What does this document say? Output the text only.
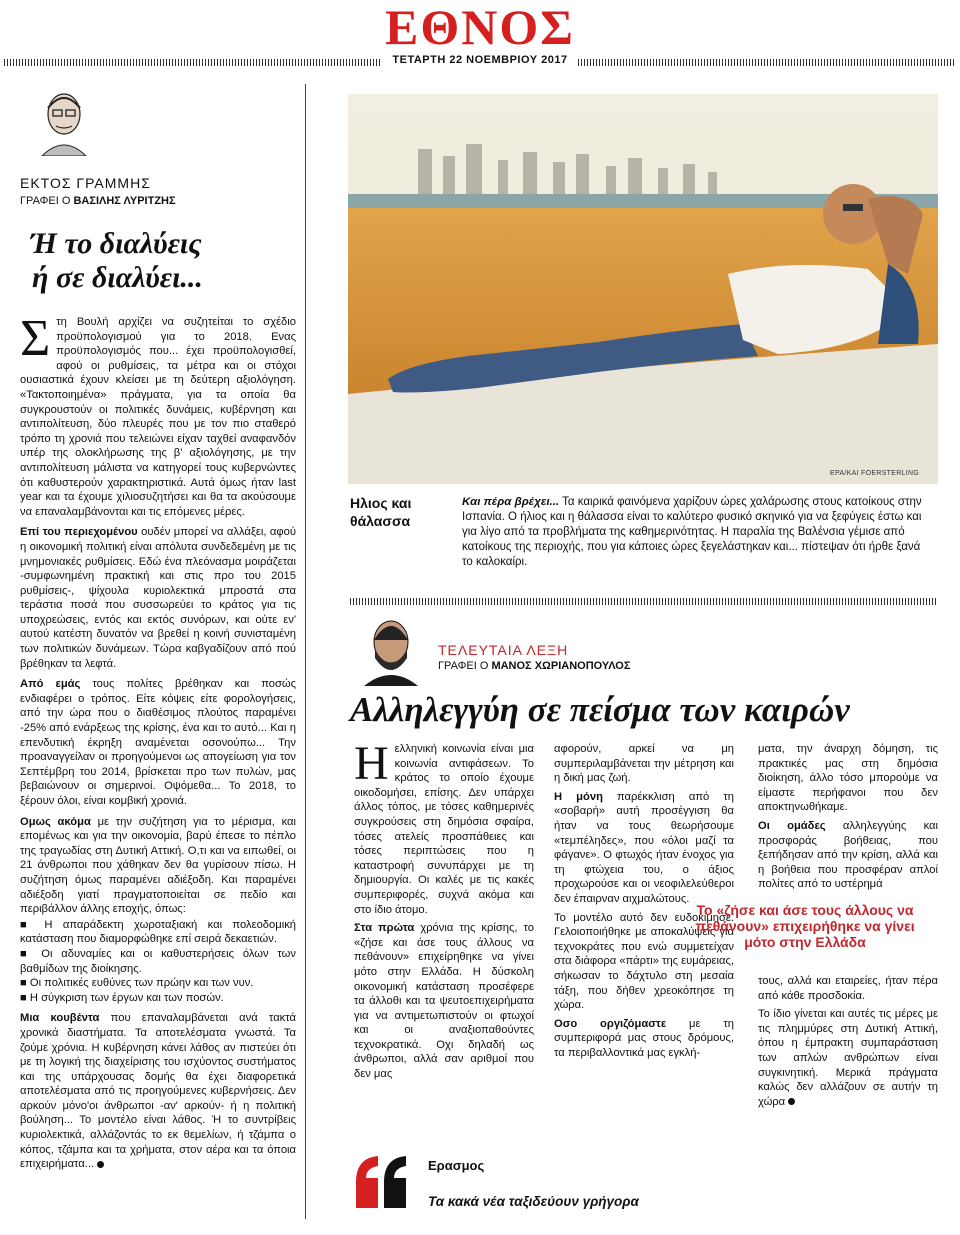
ΕΘΝΟΣ
ΤΕΤΑΡΤΗ 22 ΝΟΕΜΒΡΙΟΥ 2017
ΕΚΤΟΣ ΓΡΑΜΜΗΣ
ΓΡΑΦΕΙ Ο ΒΑΣΙΛΗΣ ΛΥΡΙΤΖΗΣ
Ή το διαλύεις
ή σε διαλύει...

Στη Βουλή αρχίζει να συζητείται το σχέδιο προϋπολογισμού για το 2018. Ενας προϋπολογισμός που... έχει προϋπολογισθεί, αφού οι ρυθμίσεις, τα μέτρα και οι στόχοι ουσιαστικά έχουν κλείσει με τη δεύτερη αξιολόγηση. «Τακτοποιημένα» πράγματα, για τα οποία θα συγκρουστούν οι πολιτικές δυνάμεις, κυβέρνηση και αντιπολίτευση, δύο πλευρές που με τον πιο σταθερό τρόπο τη χρονιά που τελειώνει είχαν ταχθεί αναφανδόν υπέρ της ολοκλήρωσης της β' αξιολόγησης, με την αντιπολίτευση μάλιστα να κατηγορεί τους κυβερνώντες ότι καθυστερούν χαρακτηριστικά. Αυτά όμως ήταν last year και τα έχουμε χιλιοσυζητήσει και θα τα ακούσουμε να επαναλαμβάνονται και τις επόμενες μέρες.

Επί του περιεχομένου ουδέν μπορεί να αλλάξει, αφού η οικονομική πολιτική είναι απόλυτα συνδεδεμένη με τις μνημονιακές ρυθμίσεις. Εδώ ένα πλεόνασμα μοιράζεται -συμφωνημένη πρακτική και στις προ του 2015 ρυθμίσεις-, ψίχουλα κυριολεκτικά μπροστά στα τεράστια ποσά που συσσωρεύει το κράτος για τις υποχρεώσεις, εντός και εκτός συνόρων, και ούτε εν' αυτού κατέστη δυνατόν να βρεθεί η κοινή συνισταμένη των πολιτικών δυνάμεων. Τώρα καβγαδίζουν από πού βρέθηκαν τα λεφτά.

Από εμάς τους πολίτες βρέθηκαν και ποσώς ενδιαφέρει ο τρόπος. Είτε κόψεις είτε φορολογήσεις, από την ώρα που ο διαθέσιμος πλούτος παραμένει -25% από ενάρξεως της κρίσης, ένα και το αυτό... Και η επενδυτική έκρηξη αναμένεται οσονούπω... Την προαναγγείλαν οι προηγούμενοι ως απογείωση για τον Σεπτέμβρη του 2014, βρίσκεται προ των πυλών, μας βεβαιώνουν οι σημερινοί. Οψόμεθα... Το 2018, το ξέρουν όλοι, είναι κομβική χρονιά.

Ομως ακόμα με την συζήτηση για το μέρισμα, και επομένως και για την οικονομία, βαρύ έπεσε το πέπλο της τραγωδίας στη Δυτική Αττική. Ο,τι και να ειπωθεί, οι 21 άνθρωποι που χάθηκαν δεν θα γυρίσουν πίσω. Η συζήτηση όμως παραμένει αδιέξοδη. Και παραμένει αδιέξοδη γιατί πραγματοποιείται σε πεδίο και περιβάλλον άλλης εποχής, όπως:

■ Η απαράδεκτη χωροταξιακή και πολεοδομική κατάσταση που διαμορφώθηκε επί σειρά δεκαετιών.
■ Οι αδυναμίες και οι καθυστερήσεις όλων των βαθμίδων της διοίκησης.
■ Οι πολιτικές ευθύνες των πρώην και των νυν.
■ Η σύγκριση των έργων και των ποσών.

Μια κουβέντα που επαναλαμβάνεται ανά τακτά χρονικά διαστήματα. Τα αποτελέσματα γνωστά. Τα ζούμε χρόνια. Η κυβέρνηση κάνει λάθος αν πιστεύει ότι με τη λογική της διαχείρισης του ισχύοντος συστήματος και της υπάρχουσας δομής θα έχει διαφορετικά αποτελέσματα από τις προηγούμενες κυβερνήσεις. Δεν αρκούν μόνο'οι άνθρωποι -αν' αρκούν- ή η πολιτική βούληση... Το μοντέλο είναι λάθος. Ή το συντρίβεις κυριολεκτικά, αλλάζοντάς το εκ θεμελίων, ή τζάμπα ο κόπος, τζάμπα και τα χρήματα, στον αέρα και τα όποια επιχειρήματα...

EPA/KAI FOERSTERLING
Ηλιος και
θάλασσα
Και πέρα βρέχει... Τα καιρικά φαινόμενα χαρίζουν ώρες χαλάρωσης στους κατοίκους στην Ισπανία. Ο ήλιος και η θάλασσα είναι το καλύτερο φυσικό σκηνικό για να ξεφύγεις έστω και για λίγο από τα προβλήματα της καθημερινότητας. Η παραλία της Βαλένσια γέμισε από κατοίκους της περιοχής, που για κάποιες ώρες ξεγελάστηκαν και... πίστεψαν ότι ήρθε ξανά το καλοκαίρι.
ΤΕΛΕΥΤΑΙΑ ΛΕΞΗ
ΓΡΑΦΕΙ Ο ΜΑΝΟΣ ΧΩΡΙΑΝΟΠΟΥΛΟΣ
Αλληλεγγύη σε πείσμα των καιρών

Ηελληνική κοινωνία είναι μια κοινωνία αντιφάσεων. Το κράτος το οποίο έχουμε οικοδομήσει, επίσης. Δεν υπάρχει άλλος τόπος, με τόσες καθημερινές συγκρούσεις στη δημόσια σφαίρα, τόσες ατελείς προσπάθειες και τόσες περιπτώσεις που η καταστροφή συνυπάρχει με τη δημιουργία. Οι καλές με τις κακές συμπεριφορές, συχνά ακόμα και στο ίδιο άτομο.

Στα πρώτα χρόνια της κρίσης, το «ζήσε και άσε τους άλλους να πεθάνουν» επιχείρηθηκε να γίνει μότο στην Ελλάδα. Η δύσκολη οικονομική κατάσταση προσέφερε τα άλλοθι και τα ψευτοεπιχειρήματα για να αντιμετωπιστούν οι φτωχοί και οι αναξιοπαθούντες τεχνοκρατικά. Οχι δηλαδή ως άνθρωποι, αλλά σαν αριθμοί που δεν μας

αφορούν, αρκεί να μη συμπεριλαμβάνεται την μέτρηση και η δική μας ζωή.

Η μόνη παρέκκλιση από τη «σοβαρή» αυτή προσέγγιση θα ήταν να τους θεωρήσουμε «τεμπέληδες», που «όλοι μαζί τα φάγανε». Ο φτωχός ήταν ένοχος για τη φτώχεια του, ο άξιος προχωρούσε και οι νεοφιλελεύθεροι δεν έπαιρναν αιχμαλώτους.

Το μοντέλο αυτό δεν ευδοκίμησε. Γελοιοποιήθηκε με αποκαλύψεις για τεχνοκράτες που ενώ συμμετείχαν στα διάφορα «πάρτι» της ευμάρειας, σήκωσαν το δάχτυλο στη μεσαία τάξη, που δήθεν χρεοκόπησε τη χώρα.

Οσο οργιζόμαστε με τη συμπεριφορά μας στους δρόμους, τα περιβαλλοντικά μας εγκλή-

ματα, την άναρχη δόμηση, τις πρακτικές μας στη δημόσια διοίκηση, άλλο τόσο μπορούμε να είμαστε περήφανοι που δεν αποκτηνωθήκαμε.

Οι ομάδες αλληλεγγύης και προσφοράς βοήθειας, που ξεπήδησαν από την κρίση, αλλά και η βοήθεια που προσφέραν απλοί πολίτες από το υστέρημά

τους, αλλά και εταιρείες, ήταν πέρα από κάθε προσδοκία.

Το ίδιο γίνεται και αυτές τις μέρες με τις πλημμύρες στη Δυτική Αττική, όπου η έμπρακτη συμπαράσταση των απλών ανθρώπων είναι συγκινητική. Μερικά πράγματα καλώς δεν αλλάζουν σε αυτήν τη χώρα

Το «ζήσε και άσε τους άλλους να πεθάνουν» επιχειρήθηκε να γίνει μότο στην Ελλάδα
Ερασμος
Τα κακά νέα ταξιδεύουν γρήγορα
